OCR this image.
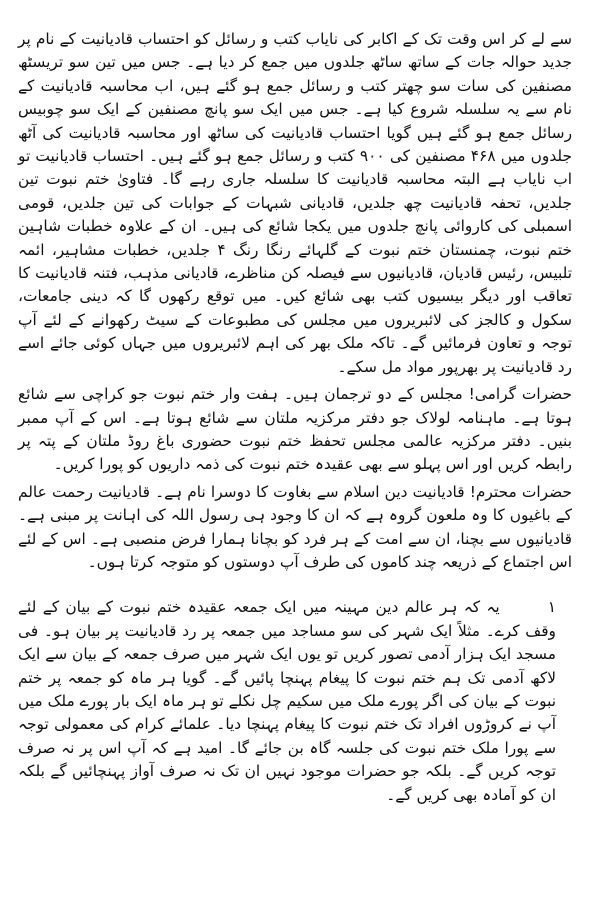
سے لے کر اس وقت تک کے اکابر کی نایاب کتب و رسائل کو احتساب قادیانیت کے نام پر جدید حوالہ جات کے ساتھ ساٹھ جلدوں میں جمع کر دیا ہے۔ جس میں تین سو تریسٹھ مصنفین کی سات سو چھتر کتب و رسائل جمع ہو گئے ہیں، اب محاسبہ قادیانیت کے نام سے یہ سلسلہ شروع کیا ہے۔ جس میں ایک سو پانچ مصنفین کے ایک سو چوبیس رسائل جمع ہو گئے ہیں گویا احتساب قادیانیت کی ساٹھ اور محاسبہ قادیانیت کی آٹھ جلدوں میں ۴۶۸ مصنفین کی ۹۰۰ کتب و رسائل جمع ہو گئے ہیں۔ احتساب قادیانیت تو اب نایاب ہے البتہ محاسبہ قادیانیت کا سلسلہ جاری رہے گا۔ فتاویٰ ختم نبوت تین جلدیں، تحفہ قادیانیت چھ جلدیں، قادیانی شبہات کے جوابات کی تین جلدیں، قومی اسمبلی کی کاروائی پانچ جلدوں میں یکجا شائع کی ہیں۔ ان کے علاوہ خطبات شاہین ختم نبوت، چمنستان ختم نبوت کے گلہائے رنگا رنگ ۴ جلدیں، خطبات مشاہیر، ائمہ تلبیس، رئیس قادیان، قادیانیوں سے فیصلہ کن مناظرے، قادیانی مذہب، فتنہ قادیانیت کا تعاقب اور دیگر بیسیوں کتب بھی شائع کیں۔ میں توقع رکھوں گا کہ دینی جامعات، سکول و کالجز کی لائبریروں میں مجلس کی مطبوعات کے سیٹ رکھوانے کے لئے آپ توجہ و تعاون فرمائیں گے۔ تاکہ ملک بھر کی اہم لائبریروں میں جہاں کوئی جائے اسے رد قادیانیت پر بھرپور مواد مل سکے۔

حضرات گرامی! مجلس کے دو ترجمان ہیں۔ ہفت وار ختم نبوت جو کراچی سے شائع ہوتا ہے۔ ماہنامہ لولاک جو دفتر مرکزیہ ملتان سے شائع ہوتا ہے۔ اس کے آپ ممبر بنیں۔ دفتر مرکزیہ عالمی مجلس تحفظ ختم نبوت حضوری باغ روڈ ملتان کے پتہ پر رابطہ کریں اور اس پہلو سے بھی عقیدہ ختم نبوت کی ذمہ داریوں کو پورا کریں۔

حضرات محترم! قادیانیت دین اسلام سے بغاوت کا دوسرا نام ہے۔ قادیانیت رحمت عالم کے باغیوں کا وہ ملعون گروہ ہے کہ ان کا وجود ہی رسول اللہ کی اہانت پر مبنی ہے۔ قادیانیوں سے بچنا، ان سے امت کے ہر فرد کو بچانا ہمارا فرض منصبی ہے۔ اس کے لئے اس اجتماع کے ذریعہ چند کاموں کی طرف آپ دوستوں کو متوجہ کرتا ہوں۔

۱یہ کہ ہر عالم دین مہینہ میں ایک جمعہ عقیدہ ختم نبوت کے بیان کے لئے وقف کرے۔ مثلاً ایک شہر کی سو مساجد میں جمعہ پر رد قادیانیت پر بیان ہو۔ فی مسجد ایک ہزار آدمی تصور کریں تو یوں ایک شہر میں صرف جمعہ کے بیان سے ایک لاکھ آدمی تک ہم ختم نبوت کا پیغام پہنچا پائیں گے۔ گویا ہر ماہ کو جمعہ پر ختم نبوت کے بیان کی اگر پورے ملک میں سکیم چل نکلے تو ہر ماہ ایک بار پورے ملک میں آپ نے کروڑوں افراد تک ختم نبوت کا پیغام پہنچا دیا۔ علمائے کرام کی معمولی توجہ سے پورا ملک ختم نبوت کی جلسہ گاہ بن جائے گا۔ امید ہے کہ آپ اس پر نہ صرف توجہ کریں گے۔ بلکہ جو حضرات موجود نہیں ان تک نہ صرف آواز پہنچائیں گے بلکہ ان کو آمادہ بھی کریں گے۔
